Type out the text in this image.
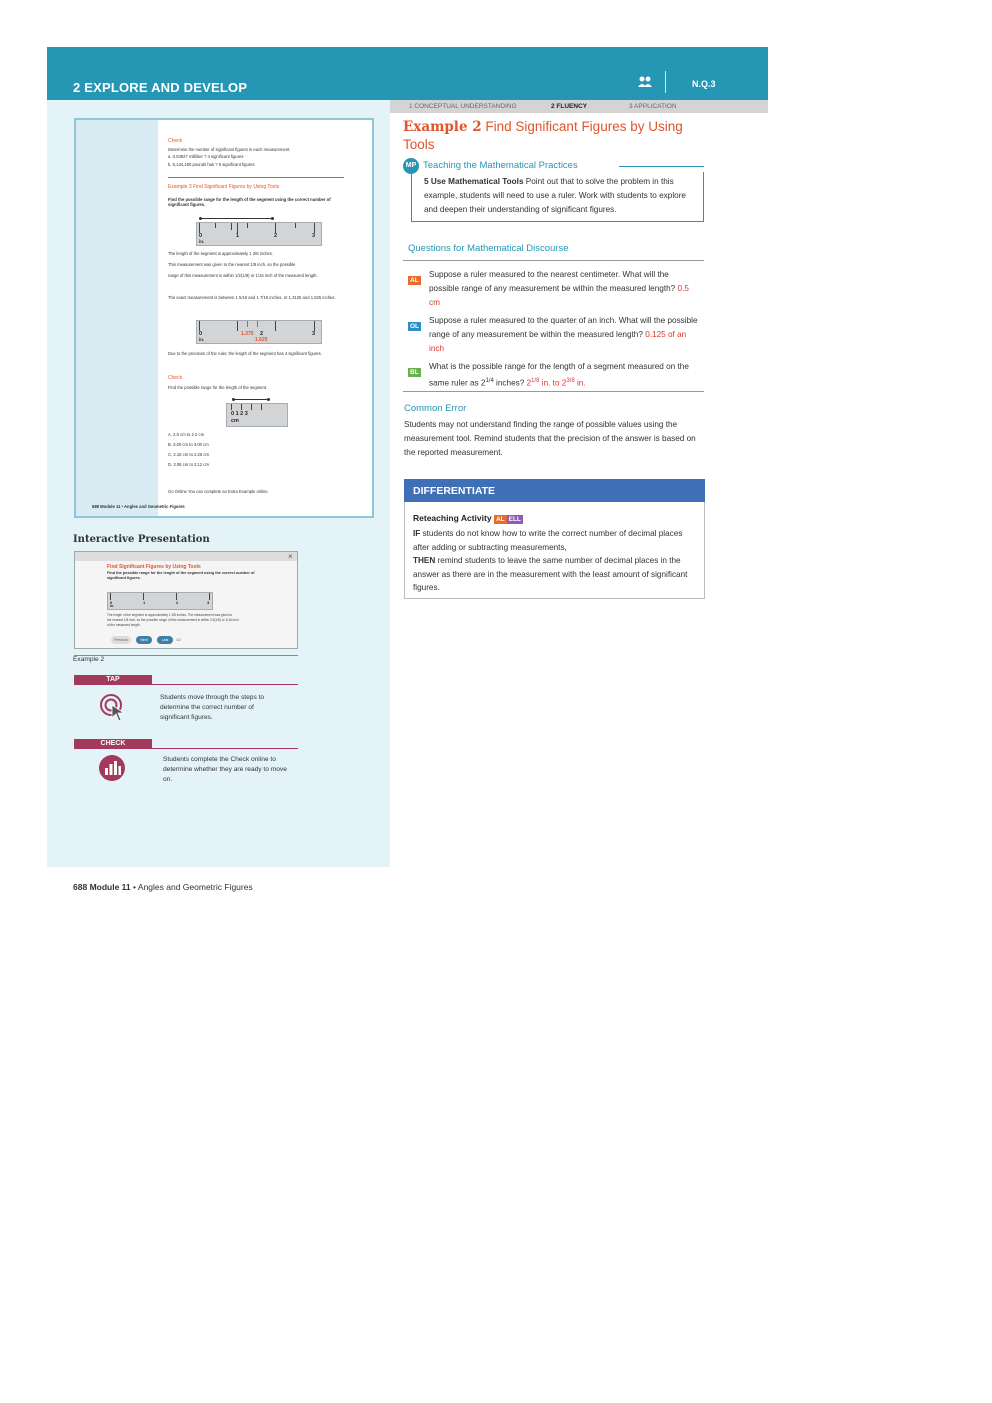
2 EXPLORE AND DEVELOP	N.Q.3
1 CONCEPTUAL UNDERSTANDING	2 FLUENCY	3 APPLICATION
Check
Determine the number of significant figures in each measurement.
a. 0.03927 milliliter ? 4 significant figures
b. 5,134,180 pounds has ? 6 significant figures
Example 3 Find Significant Figures by Using Tools
Find the possible range for the length of the segment using the correct number of significant figures.
0	1	2	3
in.
The length of the segment is approximately 1 3/8 inches.
This measurement was given to the nearest 1/8 inch, so the possible
range of this measurement is within 1/2(1/8) or 1/16 inch of the measured length.
The exact measurement is between 1 5/16 and 1 7/16 inches, or 1.3125 and 1.625 inches.
0	1.375 2
1.625
3
in.
Due to the precision of the ruler, the length of the segment has 4 significant figures.
Check
Find the possible range for the length of the segment.
0 1 2 3
cm
A. 2.0 cm to 2.2 cm
B. 3.00 cm to 3.00 cm
C. 2.15 cm to 2.25 cm
D. 3.08 cm to 2.12 cm
Go Online You can complete an Extra Example online.
688 Module 11 • Angles and Geometric Figures
Interactive Presentation
×
Find Significant Figures by Using Tools
Find the possible range for the length of the segment using the correct number of significant figures.
0	1	2	3
in.
The length of the segment is approximately 1 3/8 inches. The measurement was given to
the nearest 1/8 inch, so the possible range of this measurement is within 1/2(1/8) or 1/16 inch
of the measured length.
Previous	Next	Last	1/2
Example 2
TAP
Students move through the steps to determine the correct number of significant figures.
CHECK
Students complete the Check online to determine whether they are ready to move on.
Example 2 Find Significant Figures by Using Tools
MP Teaching the Mathematical Practices
5 Use Mathematical Tools Point out that to solve the problem in this example, students will need to use a ruler. Work with students to explore and deepen their understanding of significant figures.
Questions for Mathematical Discourse
AL
Suppose a ruler measured to the nearest centimeter. What will the possible range of any measurement be within the measured length? 0.5 cm
OL
Suppose a ruler measured to the quarter of an inch. What will the possible range of any measurement be within the measured length? 0.125 of an inch
BL
What is the possible range for the length of a segment measured on the same ruler as $2^{1/4}$ inches? $2^{1/8}$ in. to $2^{3/8}$ in.
Common Error
Students may not understand finding the range of possible values using the measurement tool. Remind students that the precision of the answer is based on the reported measurement.
DIFFERENTIATE
Reteaching Activity AL ELL
IF students do not know how to write the correct number of decimal places after adding or subtracting measurements,
THEN remind students to leave the same number of decimal places in the answer as there are in the measurement with the least amount of significant figures.
688 Module 11 • Angles and Geometric Figures
